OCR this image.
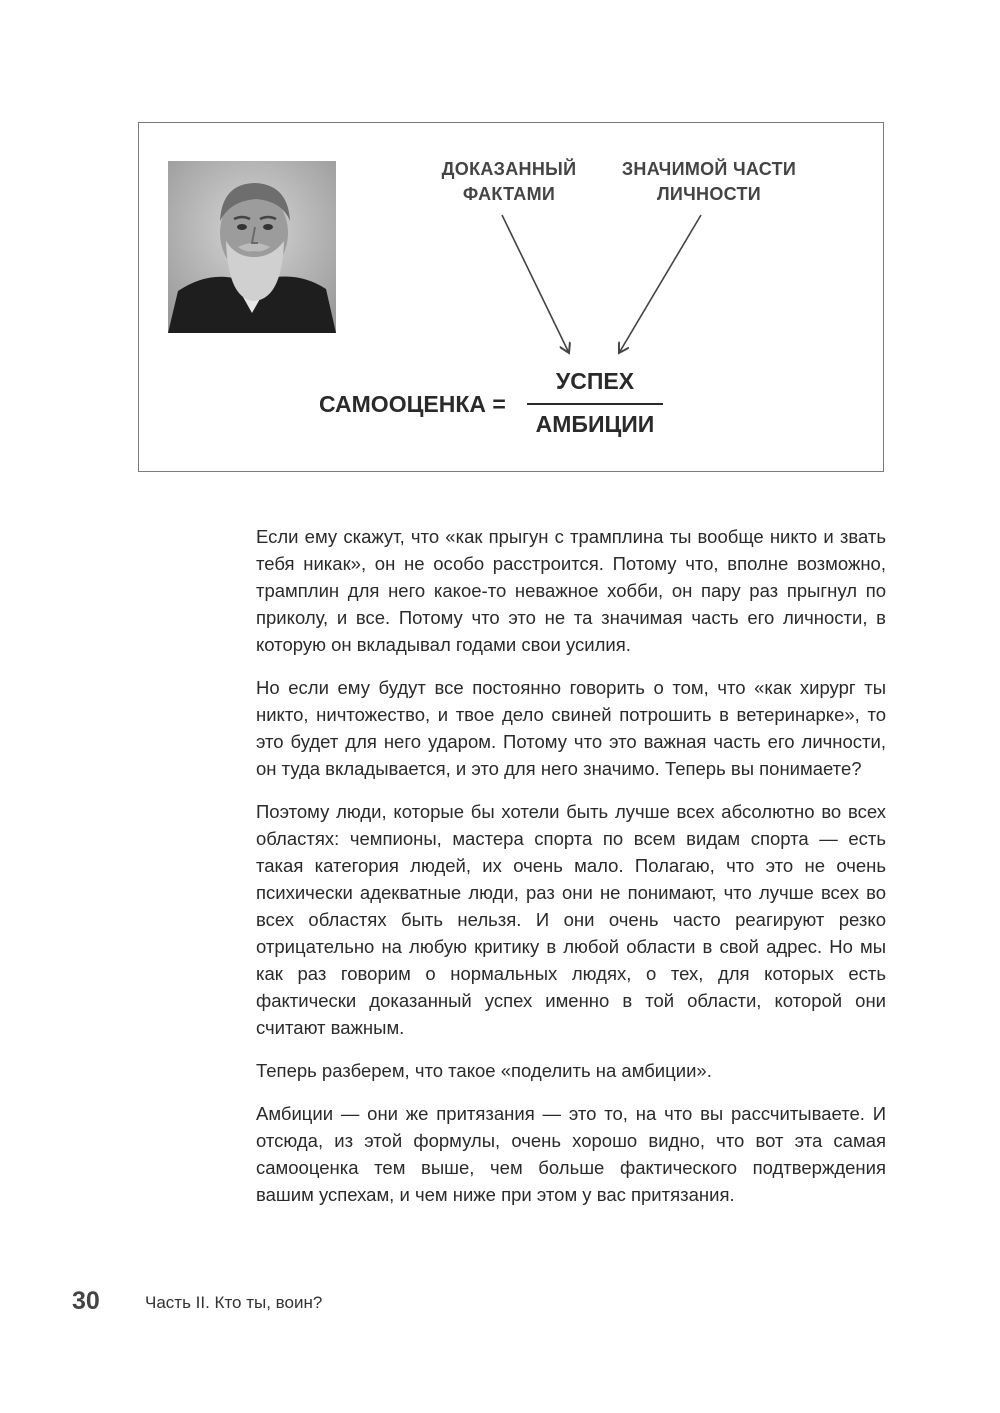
ДОКАЗАННЫЙ
ФАКТАМИ
ЗНАЧИМОЙ ЧАСТИ
ЛИЧНОСТИ
САМООЦЕНКА =
УСПЕХ
АМБИЦИИ

Если ему скажут, что «как прыгун с трамплина ты вообще никто и звать тебя никак», он не особо расстроится. Потому что, вполне возможно, трамплин для него какое-то неважное хобби, он пару раз прыгнул по приколу, и все. Потому что это не та значимая часть его личности, в которую он вкладывал годами свои усилия.

Но если ему будут все постоянно говорить о том, что «как хирург ты никто, ничтожество, и твое дело свиней потрошить в ветеринарке», то это будет для него ударом. Потому что это важная часть его личности, он туда вкладывается, и это для него значимо. Теперь вы понимаете?

Поэтому люди, которые бы хотели быть лучше всех абсолютно во всех областях: чемпионы, мастера спорта по всем видам спорта — есть такая категория людей, их очень мало. Полагаю, что это не очень психически адекватные люди, раз они не понимают, что лучше всех во всех областях быть нельзя. И они очень часто реагируют резко отрицательно на любую критику в любой области в свой адрес. Но мы как раз говорим о нормальных людях, о тех, для которых есть фактически доказанный успех именно в той области, которой они считают важным.

Теперь разберем, что такое «поделить на амбиции».

Амбиции — они же притязания — это то, на что вы рассчитываете. И отсюда, из этой формулы, очень хорошо видно, что вот эта самая самооценка тем выше, чем больше фактического подтверждения вашим успехам, и чем ниже при этом у вас притязания.

30	Часть II. Кто ты, воин?
